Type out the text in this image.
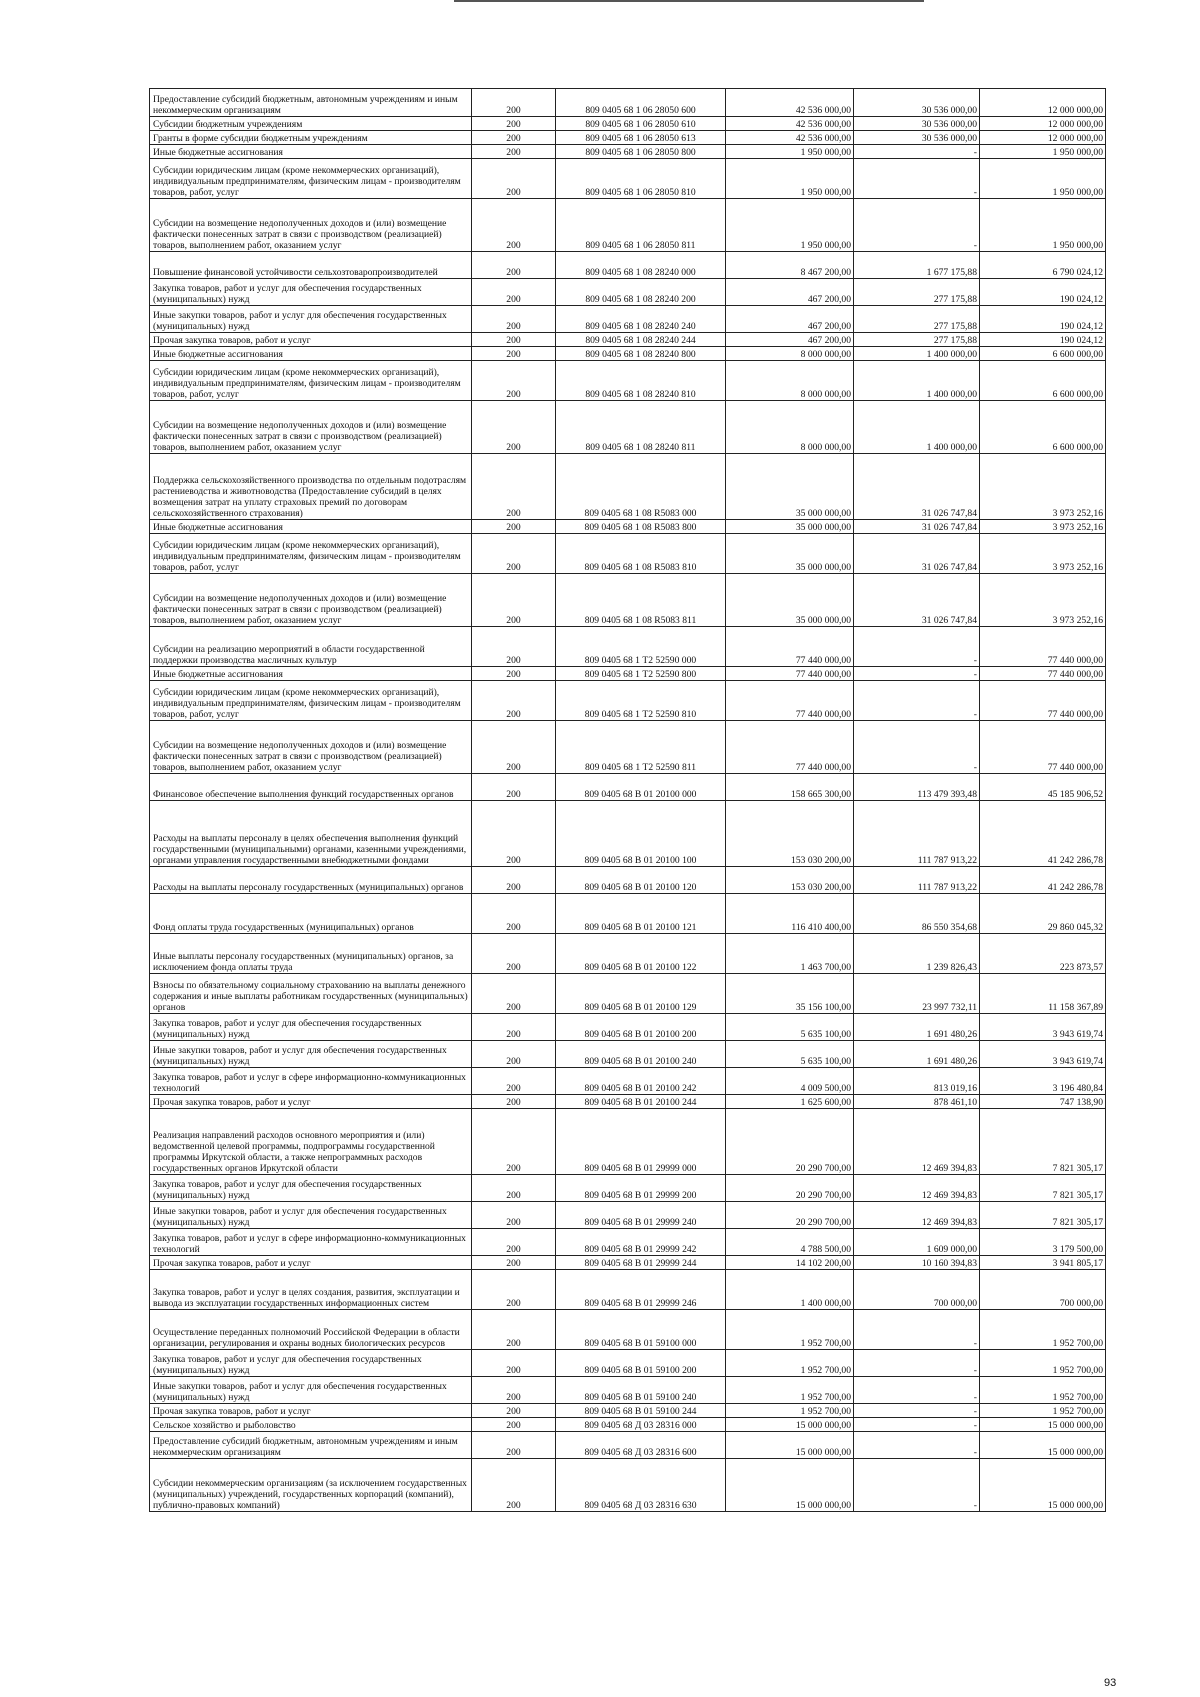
Предоставление субсидий бюджетным, автономным учреждениям и иным некоммерческим организациям	200	809 0405 68 1 06 28050 600	42 536 000,00	30 536 000,00	12 000 000,00
Субсидии бюджетным учреждениям	200	809 0405 68 1 06 28050 610	42 536 000,00	30 536 000,00	12 000 000,00
Гранты в форме субсидии бюджетным учреждениям	200	809 0405 68 1 06 28050 613	42 536 000,00	30 536 000,00	12 000 000,00
Иные бюджетные ассигнования	200	809 0405 68 1 06 28050 800	1 950 000,00	-	1 950 000,00
Субсидии юридическим лицам (кроме некоммерческих организаций), индивидуальным предпринимателям, физическим лицам - производителям товаров, работ, услуг	200	809 0405 68 1 06 28050 810	1 950 000,00	-	1 950 000,00
Субсидии на возмещение недополученных доходов и (или) возмещение фактически понесенных затрат в связи с производством (реализацией) товаров, выполнением работ, оказанием услуг	200	809 0405 68 1 06 28050 811	1 950 000,00	-	1 950 000,00
Повышение финансовой устойчивости сельхозтоваропроизводителей	200	809 0405 68 1 08 28240 000	8 467 200,00	1 677 175,88	6 790 024,12
Закупка товаров, работ и услуг для обеспечения государственных (муниципальных) нужд	200	809 0405 68 1 08 28240 200	467 200,00	277 175,88	190 024,12
Иные закупки товаров, работ и услуг для обеспечения государственных (муниципальных) нужд	200	809 0405 68 1 08 28240 240	467 200,00	277 175,88	190 024,12
Прочая закупка товаров, работ и услуг	200	809 0405 68 1 08 28240 244	467 200,00	277 175,88	190 024,12
Иные бюджетные ассигнования	200	809 0405 68 1 08 28240 800	8 000 000,00	1 400 000,00	6 600 000,00
Субсидии юридическим лицам (кроме некоммерческих организаций), индивидуальным предпринимателям, физическим лицам - производителям товаров, работ, услуг	200	809 0405 68 1 08 28240 810	8 000 000,00	1 400 000,00	6 600 000,00
Субсидии на возмещение недополученных доходов и (или) возмещение фактически понесенных затрат в связи с производством (реализацией) товаров, выполнением работ, оказанием услуг	200	809 0405 68 1 08 28240 811	8 000 000,00	1 400 000,00	6 600 000,00
Поддержка сельскохозяйственного производства по отдельным подотраслям растениеводства и животноводства (Предоставление субсидий в целях возмещения затрат на уплату страховых премий по договорам сельскохозяйственного страхования)	200	809 0405 68 1 08 R5083 000	35 000 000,00	31 026 747,84	3 973 252,16
Иные бюджетные ассигнования	200	809 0405 68 1 08 R5083 800	35 000 000,00	31 026 747,84	3 973 252,16
Субсидии юридическим лицам (кроме некоммерческих организаций), индивидуальным предпринимателям, физическим лицам - производителям товаров, работ, услуг	200	809 0405 68 1 08 R5083 810	35 000 000,00	31 026 747,84	3 973 252,16
Субсидии на возмещение недополученных доходов и (или) возмещение фактически понесенных затрат в связи с производством (реализацией) товаров, выполнением работ, оказанием услуг	200	809 0405 68 1 08 R5083 811	35 000 000,00	31 026 747,84	3 973 252,16
Субсидии на реализацию мероприятий в области государственной поддержки производства масличных культур	200	809 0405 68 1 Т2 52590 000	77 440 000,00	-	77 440 000,00
Иные бюджетные ассигнования	200	809 0405 68 1 Т2 52590 800	77 440 000,00	-	77 440 000,00
Субсидии юридическим лицам (кроме некоммерческих организаций), индивидуальным предпринимателям, физическим лицам - производителям товаров, работ, услуг	200	809 0405 68 1 Т2 52590 810	77 440 000,00	-	77 440 000,00
Субсидии на возмещение недополученных доходов и (или) возмещение фактически понесенных затрат в связи с производством (реализацией) товаров, выполнением работ, оказанием услуг	200	809 0405 68 1 Т2 52590 811	77 440 000,00	-	77 440 000,00
Финансовое обеспечение выполнения функций государственных органов	200	809 0405 68 В 01 20100 000	158 665 300,00	113 479 393,48	45 185 906,52
Расходы на выплаты персоналу в целях обеспечения выполнения функций государственными (муниципальными) органами, казенными учреждениями, органами управления государственными внебюджетными фондами	200	809 0405 68 В 01 20100 100	153 030 200,00	111 787 913,22	41 242 286,78
Расходы на выплаты персоналу государственных (муниципальных) органов	200	809 0405 68 В 01 20100 120	153 030 200,00	111 787 913,22	41 242 286,78
Фонд оплаты труда государственных (муниципальных) органов	200	809 0405 68 В 01 20100 121	116 410 400,00	86 550 354,68	29 860 045,32
Иные выплаты персоналу государственных (муниципальных) органов, за исключением фонда оплаты труда	200	809 0405 68 В 01 20100 122	1 463 700,00	1 239 826,43	223 873,57
Взносы по обязательному социальному страхованию на выплаты денежного содержания и иные выплаты работникам государственных (муниципальных) органов	200	809 0405 68 В 01 20100 129	35 156 100,00	23 997 732,11	11 158 367,89
Закупка товаров, работ и услуг для обеспечения государственных (муниципальных) нужд	200	809 0405 68 В 01 20100 200	5 635 100,00	1 691 480,26	3 943 619,74
Иные закупки товаров, работ и услуг для обеспечения государственных (муниципальных) нужд	200	809 0405 68 В 01 20100 240	5 635 100,00	1 691 480,26	3 943 619,74
Закупка товаров, работ и услуг в сфере информационно-коммуникационных технологий	200	809 0405 68 В 01 20100 242	4 009 500,00	813 019,16	3 196 480,84
Прочая закупка товаров, работ и услуг	200	809 0405 68 В 01 20100 244	1 625 600,00	878 461,10	747 138,90
Реализация направлений расходов основного мероприятия и (или) ведомственной целевой программы, подпрограммы государственной программы Иркутской области, а также непрограммных расходов государственных органов Иркутской области	200	809 0405 68 В 01 29999 000	20 290 700,00	12 469 394,83	7 821 305,17
Закупка товаров, работ и услуг для обеспечения государственных (муниципальных) нужд	200	809 0405 68 В 01 29999 200	20 290 700,00	12 469 394,83	7 821 305,17
Иные закупки товаров, работ и услуг для обеспечения государственных (муниципальных) нужд	200	809 0405 68 В 01 29999 240	20 290 700,00	12 469 394,83	7 821 305,17
Закупка товаров, работ и услуг в сфере информационно-коммуникационных технологий	200	809 0405 68 В 01 29999 242	4 788 500,00	1 609 000,00	3 179 500,00
Прочая закупка товаров, работ и услуг	200	809 0405 68 В 01 29999 244	14 102 200,00	10 160 394,83	3 941 805,17
Закупка товаров, работ и услуг в целях создания, развития, эксплуатации и вывода из эксплуатации государственных информационных систем	200	809 0405 68 В 01 29999 246	1 400 000,00	700 000,00	700 000,00
Осуществление переданных полномочий Российской Федерации в области организации, регулирования и охраны водных биологических ресурсов	200	809 0405 68 В 01 59100 000	1 952 700,00	-	1 952 700,00
Закупка товаров, работ и услуг для обеспечения государственных (муниципальных) нужд	200	809 0405 68 В 01 59100 200	1 952 700,00	-	1 952 700,00
Иные закупки товаров, работ и услуг для обеспечения государственных (муниципальных) нужд	200	809 0405 68 В 01 59100 240	1 952 700,00	-	1 952 700,00
Прочая закупка товаров, работ и услуг	200	809 0405 68 В 01 59100 244	1 952 700,00	-	1 952 700,00
Сельское хозяйство и рыболовство	200	809 0405 68 Д 03 28316 000	15 000 000,00	-	15 000 000,00
Предоставление субсидий бюджетным, автономным учреждениям и иным некоммерческим организациям	200	809 0405 68 Д 03 28316 600	15 000 000,00	-	15 000 000,00
Субсидии некоммерческим организациям (за исключением государственных (муниципальных) учреждений, государственных корпораций (компаний), публично-правовых компаний)	200	809 0405 68 Д 03 28316 630	15 000 000,00	-	15 000 000,00
93
